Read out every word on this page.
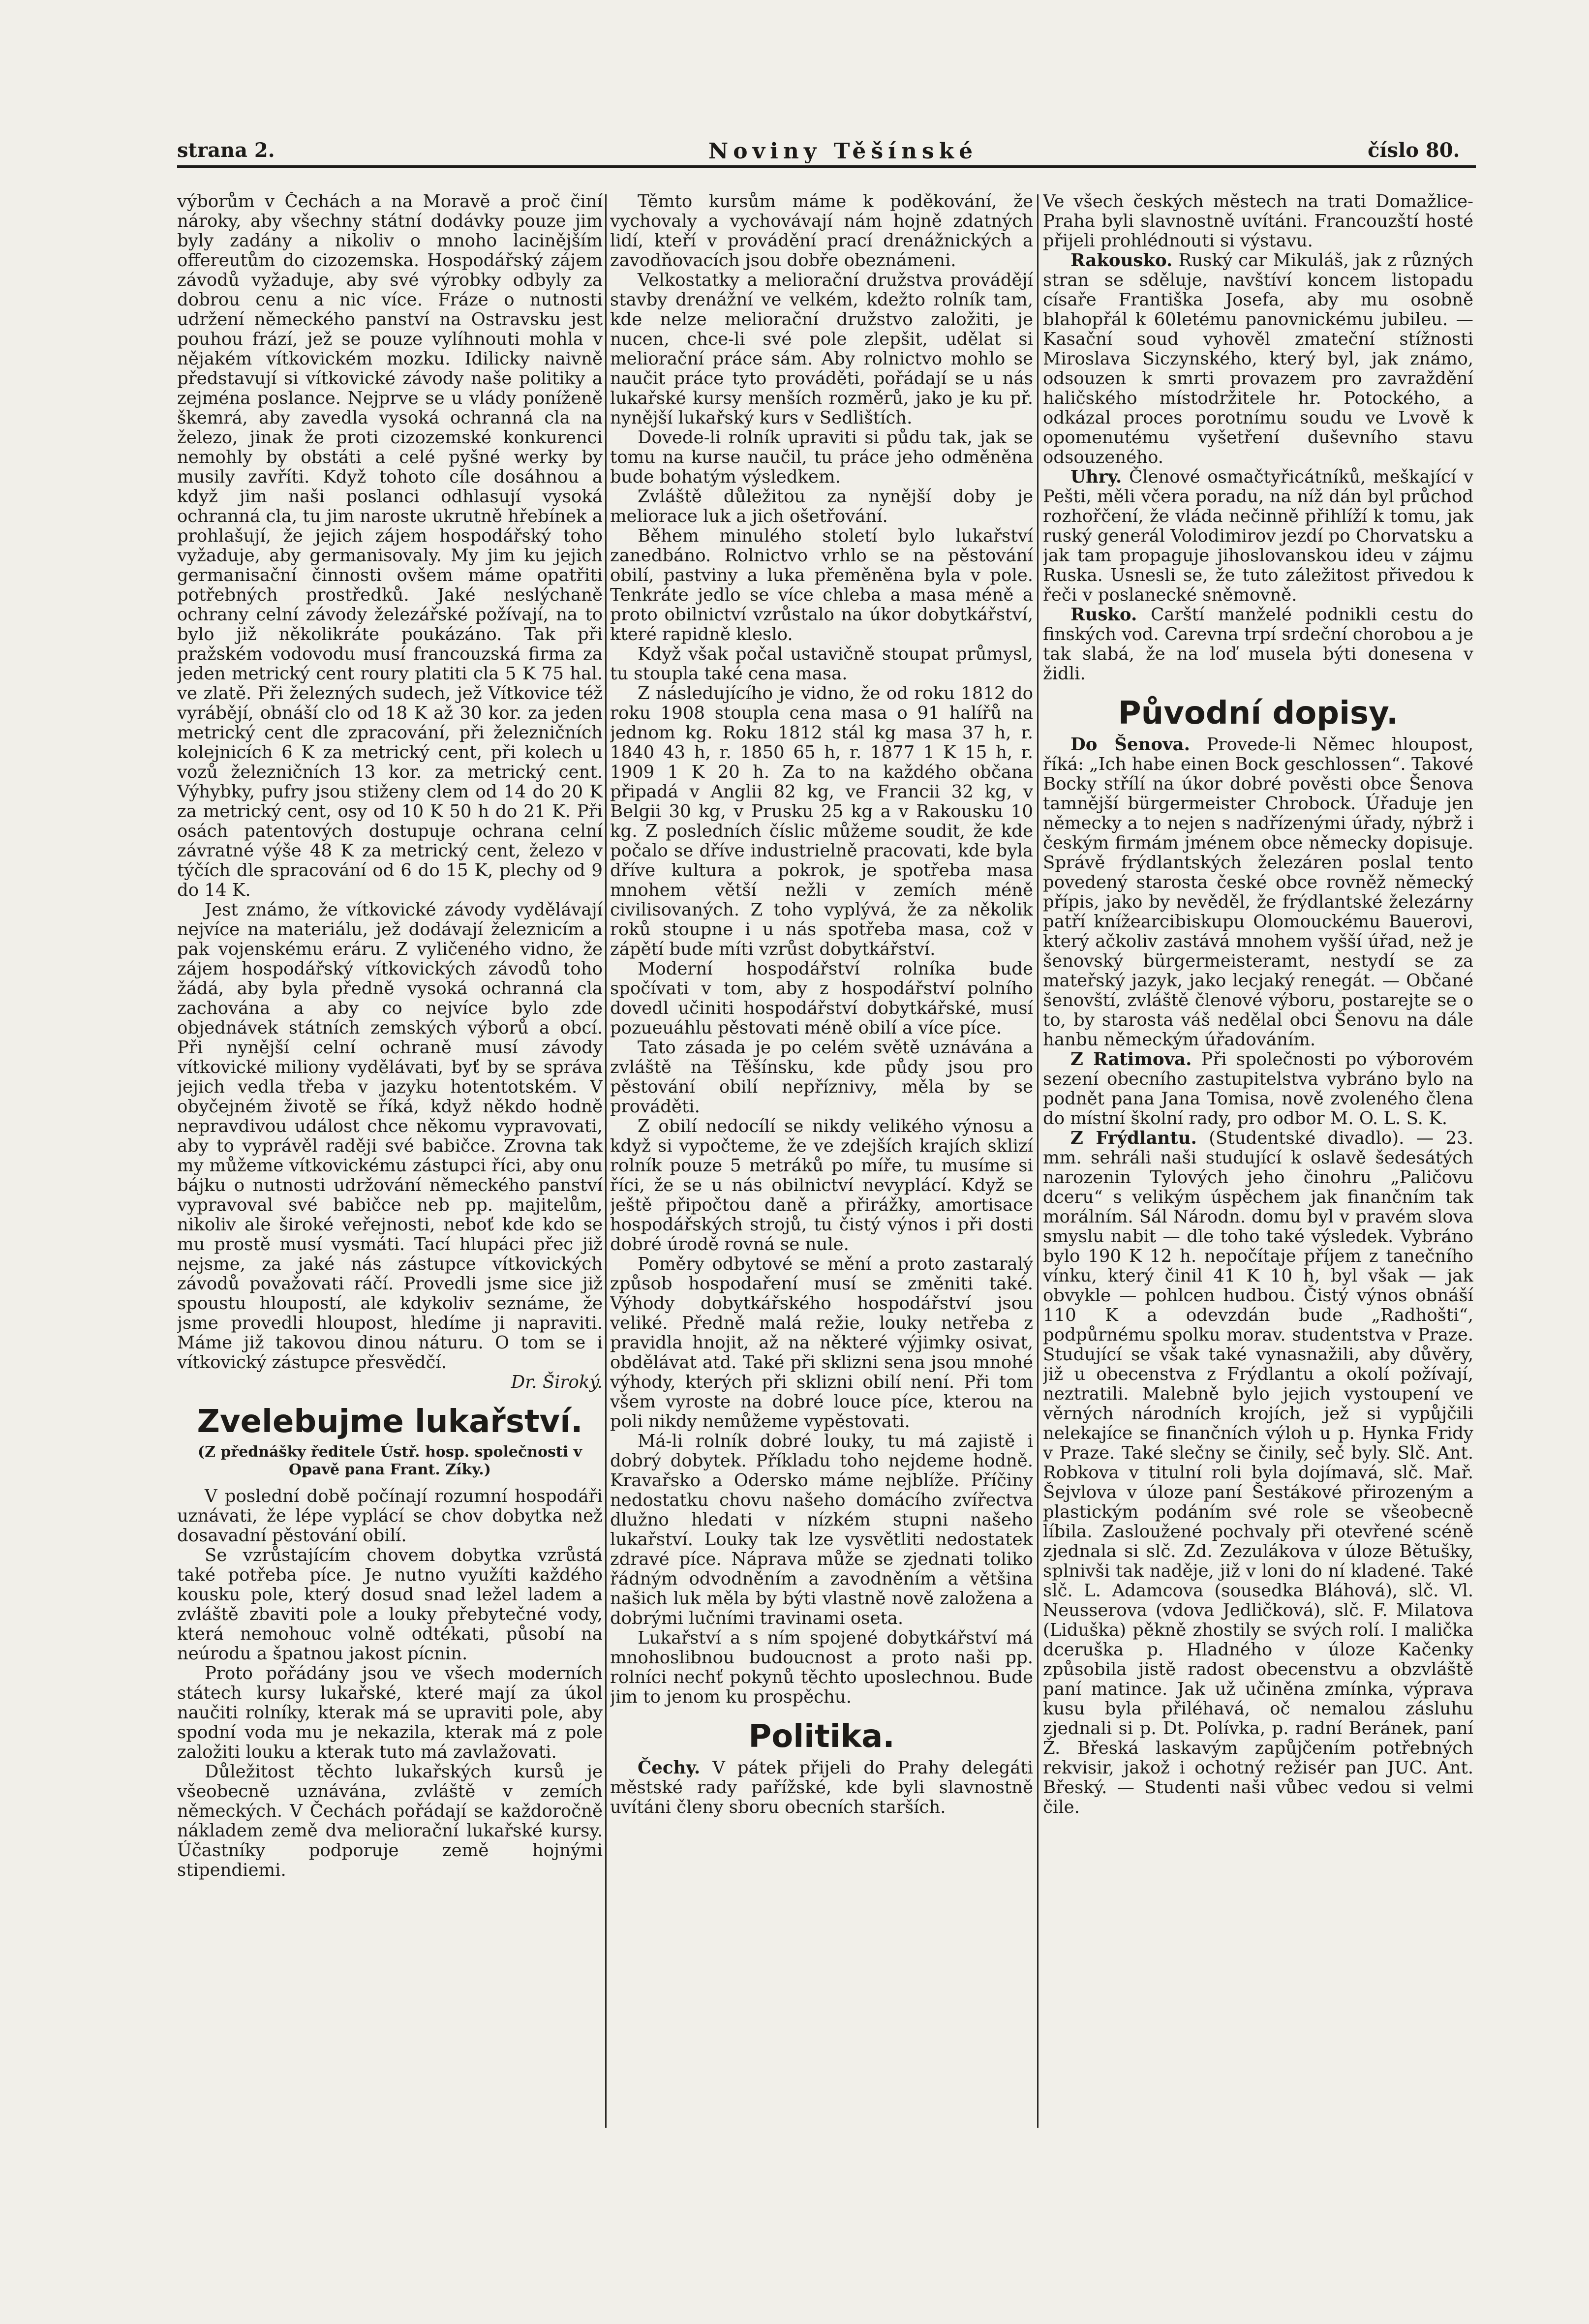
strana 2.	Noviny Těšínské	číslo 80.

výborům v Čechách a na Moravě a proč činí nároky, aby všechny státní dodávky pouze jim byly zadány a nikoliv o mnoho lacinějším offereutům do cizozemska. Hospodářský zájem závodů vyžaduje, aby své výrobky odbyly za dobrou cenu a nic více. Fráze o nutnosti udržení německého panství na Ostravsku jest pouhou frází, jež se pouze vylíhnouti mohla v nějakém vítkovickém mozku. Idilicky naivně představují si vítkovické závody naše politiky a zejména poslance. Nejprve se u vlády poníženě škemrá, aby zavedla vysoká ochranná cla na železo, jinak že proti cizozemské konkurenci nemohly by obstáti a celé pyšné werky by musily zavříti. Když tohoto cíle dosáhnou a když jim naši poslanci odhlasují vysoká ochranná cla, tu jim naroste ukrutně hřebínek a prohlašují, že jejich zájem hospodářský toho vyžaduje, aby germanisovaly. My jim ku jejich germanisační činnosti ovšem máme opatřiti potřebných prostředků. Jaké neslýchaně ochrany celní závody železářské požívají, na to bylo již několikráte poukázáno. Tak při pražském vodovodu musí francouzská firma za jeden metrický cent roury platiti cla 5 K 75 hal. ve zlatě. Při železných sudech, jež Vítkovice též vyrábějí, obnáší clo od 18 K až 30 kor. za jeden metrický cent dle zpracování, při železničních kolejnicích 6 K za metrický cent, při kolech u vozů železničních 13 kor. za metrický cent. Výhybky, pufry jsou stiženy clem od 14 do 20 K za metrický cent, osy od 10 K 50 h do 21 K. Při osách patentových dostupuje ochrana celní závratné výše 48 K za metrický cent, železo v týčích dle spracování od 6 do 15 K, plechy od 9 do 14 K.

Jest známo, že vítkovické závody vydělávají nejvíce na materiálu, jež dodávají železnicím a pak vojenskému eráru. Z vyličeného vidno, že zájem hospodářský vítkovických závodů toho žádá, aby byla předně vysoká ochranná cla zachována a aby co nejvíce bylo zde objednávek státních zemských výborů a obcí. Při nynější celní ochraně musí závody vítkovické miliony vydělávati, byť by se správa jejich vedla třeba v jazyku hotentotském. V obyčejném životě se říká, když někdo hodně nepravdivou událost chce někomu vypravovati, aby to vyprávěl raději své babičce. Zrovna tak my můžeme vítkovickému zástupci říci, aby onu bájku o nutnosti udržování německého panství vypravoval své babičce neb pp. majitelům, nikoliv ale široké veřejnosti, neboť kde kdo se mu prostě musí vysmáti. Tací hlupáci přec již nejsme, za jaké nás zástupce vítkovických závodů považovati ráčí. Provedli jsme sice již spoustu hloupostí, ale kdykoliv seznáme, že jsme provedli hloupost, hledíme ji napraviti. Máme již takovou dinou náturu. O tom se i vítkovický zástupce přesvědčí.

Dr. Široký.

Zvelebujme lukařství.
(Z přednášky ředitele Ústř. hosp. společnosti v Opavě pana Frant. Zíky.)

V poslední době počínají rozumní hospodáři uznávati, že lépe vyplácí se chov dobytka než dosavadní pěstování obilí.

Se vzrůstajícím chovem dobytka vzrůstá také potřeba píce. Je nutno využíti každého kousku pole, který dosud snad ležel ladem a zvláště zbaviti pole a louky přebytečné vody, která nemohouc volně odtékati, působí na neúrodu a špatnou jakost pícnin.

Proto pořádány jsou ve všech moderních státech kursy lukařské, které mají za úkol naučiti rolníky, kterak má se upraviti pole, aby spodní voda mu je nekazila, kterak má z pole založiti louku a kterak tuto má zavlažovati.

Důležitost těchto lukařských kursů je všeobecně uznávána, zvláště v zemích německých. V Čechách pořádají se každoročně nákladem země dva meliorační lukařské kursy. Účastníky podporuje země hojnými stipendiemi.

Těmto kursům máme k poděkování, že vychovaly a vychovávají nám hojně zdatných lidí, kteří v provádění prací drenážnických a zavodňovacích jsou dobře obeznámeni.

Velkostatky a meliorační družstva provádějí stavby drenážní ve velkém, kdežto rolník tam, kde nelze meliorační družstvo založiti, je nucen, chce-li své pole zlepšit, udělat si meliorační práce sám. Aby rolnictvo mohlo se naučit práce tyto prováděti, pořádají se u nás lukařské kursy menších rozměrů, jako je ku př. nynější lukařský kurs v Sedlištích.

Dovede-li rolník upraviti si půdu tak, jak se tomu na kurse naučil, tu práce jeho odměněna bude bohatým výsledkem.

Zvláště důležitou za nynější doby je meliorace luk a jich ošetřování.

Během minulého století bylo lukařství zanedbáno. Rolnictvo vrhlo se na pěstování obilí, pastviny a luka přeměněna byla v pole. Tenkráte jedlo se více chleba a masa méně a proto obilnictví vzrůstalo na úkor dobytkářství, které rapidně kleslo.

Když však počal ustavičně stoupat průmysl, tu stoupla také cena masa.

Z následujícího je vidno, že od roku 1812 do roku 1908 stoupla cena masa o 91 halířů na jednom kg. Roku 1812 stál kg masa 37 h, r. 1840 43 h, r. 1850 65 h, r. 1877 1 K 15 h, r. 1909 1 K 20 h. Za to na každého občana připadá v Anglii 82 kg, ve Francii 32 kg, v Belgii 30 kg, v Prusku 25 kg a v Rakousku 10 kg. Z posledních číslic můžeme soudit, že kde počalo se dříve industrielně pracovati, kde byla dříve kultura a pokrok, je spotřeba masa mnohem větší nežli v zemích méně civilisovaných. Z toho vyplývá, že za několik roků stoupne i u nás spotřeba masa, což v zápětí bude míti vzrůst dobytkářství.

Moderní hospodářství rolníka bude spočívati v tom, aby z hospodářství polního dovedl učiniti hospodářství dobytkářské, musí pozueuáhlu pěstovati méně obilí a více píce.

Tato zásada je po celém světě uznávána a zvláště na Těšínsku, kde půdy jsou pro pěstování obilí nepříznivy, měla by se prováděti.

Z obilí nedocílí se nikdy velikého výnosu a když si vypočteme, že ve zdejších krajích sklizí rolník pouze 5 metráků po míře, tu musíme si říci, že se u nás obilnictví nevyplácí. Když se ještě připočtou daně a přirážky, amortisace hospodářských strojů, tu čistý výnos i při dosti dobré úrodě rovná se nule.

Poměry odbytové se mění a proto zastaralý způsob hospodaření musí se změniti také. Výhody dobytkářského hospodářství jsou veliké. Předně malá režie, louky netřeba z pravidla hnojit, až na některé výjimky osivat, obdělávat atd. Také při sklizni sena jsou mnohé výhody, kterých při sklizni obilí není. Při tom všem vyroste na dobré louce píce, kterou na poli nikdy nemůžeme vypěstovati.

Má-li rolník dobré louky, tu má zajistě i dobrý dobytek. Příkladu toho nejdeme hodně. Kravařsko a Odersko máme nejblíže. Příčiny nedostatku chovu našeho domácího zvířectva dlužno hledati v nízkém stupni našeho lukařství. Louky tak lze vysvětliti nedostatek zdravé píce. Náprava může se zjednati toliko řádným odvodněním a zavodněním a většina našich luk měla by býti vlastně nově založena a dobrými lučními travinami oseta.

Lukařství a s ním spojené dobytkářství má mnohoslibnou budoucnost a proto naši pp. rolníci nechť pokynů těchto uposlechnou. Bude jim to jenom ku prospěchu.

Politika.

Čechy. V pátek přijeli do Prahy delegáti městské rady pařížské, kde byli slavnostně uvítáni členy sboru obecních starších.

Ve všech českých městech na trati Domažlice-Praha byli slavnostně uvítáni. Francouzští hosté přijeli prohlédnouti si výstavu.

Rakousko. Ruský car Mikuláš, jak z různých stran se sděluje, navštíví koncem listopadu císaře Františka Josefa, aby mu osobně blahopřál k 60letému panovnickému jubileu. — Kasační soud vyhověl zmateční stížnosti Miroslava Siczynského, který byl, jak známo, odsouzen k smrti provazem pro zavraždění haličského místodržitele hr. Potockého, a odkázal proces porotnímu soudu ve Lvově k opomenutému vyšetření duševního stavu odsouzeného.

Uhry. Členové osmačtyřicátníků, meškající v Pešti, měli včera poradu, na níž dán byl průchod rozhořčení, že vláda nečinně přihlíží k tomu, jak ruský generál Volodimirov jezdí po Chorvatsku a jak tam propaguje jihoslovanskou ideu v zájmu Ruska. Usnesli se, že tuto záležitost přivedou k řeči v poslanecké sněmovně.

Rusko. Carští manželé podnikli cestu do finských vod. Carevna trpí srdeční chorobou a je tak slabá, že na loď musela býti donesena v židli.

Původní dopisy.

Do Šenova. Provede-li Němec hloupost, říká: „Ich habe einen Bock geschlossen“. Takové Bocky střílí na úkor dobré pověsti obce Šenova tamnější bürgermeister Chrobock. Úřaduje jen německy a to nejen s nadřízenými úřady, nýbrž i českým firmám jménem obce německy dopisuje. Správě frýdlantských železáren poslal tento povedený starosta české obce rovněž německý přípis, jako by nevěděl, že frýdlantské železárny patří knížearcibiskupu Olomouckému Bauerovi, který ačkoliv zastává mnohem vyšší úřad, než je šenovský bürgermeisteramt, nestydí se za mateřský jazyk, jako lecjaký renegát. — Občané šenovští, zvláště členové výboru, postarejte se o to, by starosta váš nedělal obci Šenovu na dále hanbu německým úřadováním.

Z Ratimova. Při společnosti po výborovém sezení obecního zastupitelstva vybráno bylo na podnět pana Jana Tomisa, nově zvoleného člena do místní školní rady, pro odbor M. O. L. S. K.

Z Frýdlantu. (Studentské divadlo). — 23. mm. sehráli naši studující k oslavě šedesátých narozenin Tylových jeho činohru „Paličovu dceru“ s velikým úspěchem jak finančním tak morálním. Sál Národn. domu byl v pravém slova smyslu nabit — dle toho také výsledek. Vybráno bylo 190 K 12 h. nepočítaje příjem z tanečního vínku, který činil 41 K 10 h, byl však — jak obvykle — pohlcen hudbou. Čistý výnos obnáší 110 K a odevzdán bude „Radhošti“, podpůrnému spolku morav. studentstva v Praze. Studující se však také vynasnažili, aby důvěry, již u obecenstva z Frýdlantu a okolí požívají, neztratili. Malebně bylo jejich vystoupení ve věrných národních krojích, jež si vypůjčili nelekajíce se finančních výloh u p. Hynka Fridy v Praze. Také slečny se činily, seč byly. Slč. Ant. Robkova v titulní roli byla dojímavá, slč. Mař. Šejvlova v úloze paní Šestákové přirozeným a plastickým podáním své role se všeobecně líbila. Zasloužené pochvaly při otevřené scéně zjednala si slč. Zd. Zezulákova v úloze Bětušky, splnivši tak naděje, již v loni do ní kladené. Také slč. L. Adamcova (sousedka Bláhová), slč. Vl. Neusserova (vdova Jedličková), slč. F. Milatova (Liduška) pěkně zhostily se svých rolí. I malička dceruška p. Hladného v úloze Kačenky způsobila jistě radost obecenstvu a obzvláště paní matince. Jak už učiněna zmínka, výprava kusu byla přiléhavá, oč nemalou zásluhu zjednali si p. Dt. Polívka, p. radní Beránek, paní Ž. Břeská laskavým zapůjčením potřebných rekvisir, jakož i ochotný režisér pan JUC. Ant. Břeský. — Studenti naši vůbec vedou si velmi čile.
